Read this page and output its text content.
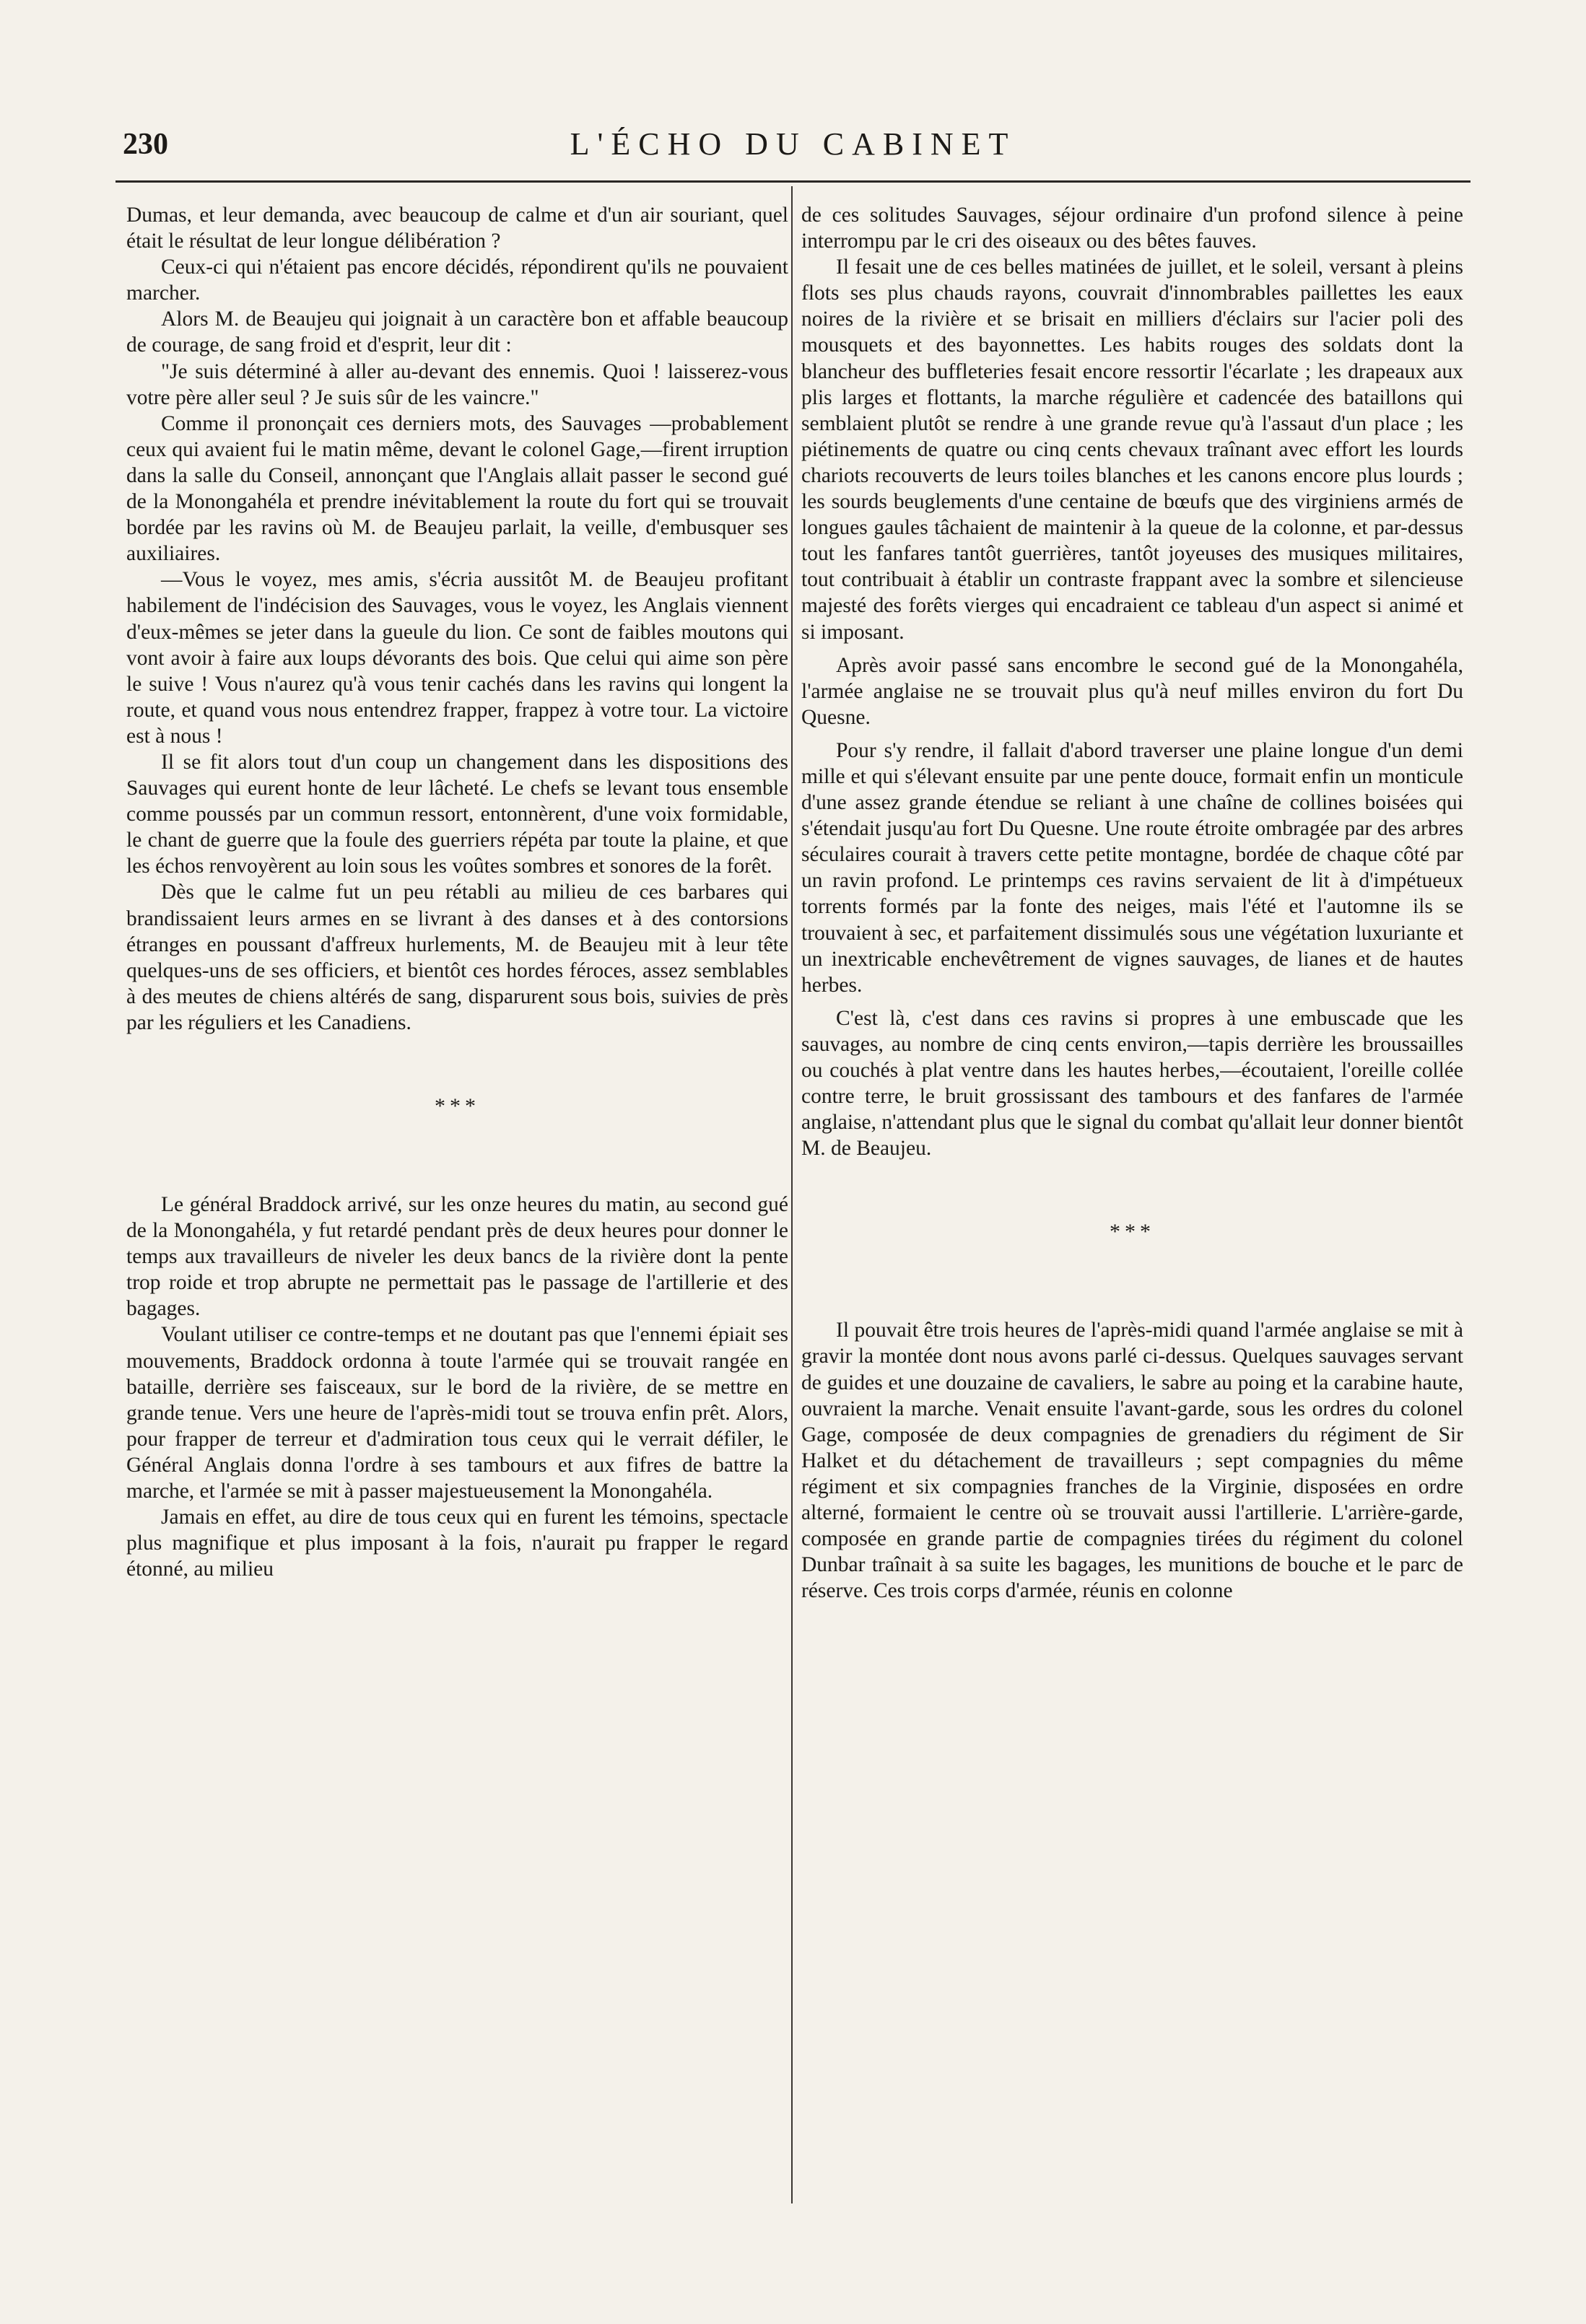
230	L'ÉCHO DU CABINET

Dumas, et leur demanda, avec beaucoup de calme et d'un air souriant, quel était le résultat de leur longue délibération ?

Ceux-ci qui n'étaient pas encore décidés, répondirent qu'ils ne pouvaient marcher.

Alors M. de Beaujeu qui joignait à un caractère bon et affable beaucoup de courage, de sang froid et d'esprit, leur dit :

"Je suis déterminé à aller au-devant des ennemis. Quoi ! laisserez-vous votre père aller seul ? Je suis sûr de les vaincre."

Comme il prononçait ces derniers mots, des Sauvages —probablement ceux qui avaient fui le matin même, devant le colonel Gage,—firent irruption dans la salle du Conseil, annonçant que l'Anglais allait passer le second gué de la Monongahéla et prendre inévitablement la route du fort qui se trouvait bordée par les ravins où M. de Beaujeu parlait, la veille, d'embusquer ses auxiliaires.

—Vous le voyez, mes amis, s'écria aussitôt M. de Beaujeu profitant habilement de l'indécision des Sauvages, vous le voyez, les Anglais viennent d'eux-mêmes se jeter dans la gueule du lion. Ce sont de faibles moutons qui vont avoir à faire aux loups dévorants des bois. Que celui qui aime son père le suive ! Vous n'aurez qu'à vous tenir cachés dans les ravins qui longent la route, et quand vous nous entendrez frapper, frappez à votre tour. La victoire est à nous !

Il se fit alors tout d'un coup un changement dans les dispositions des Sauvages qui eurent honte de leur lâcheté. Le chefs se levant tous ensemble comme poussés par un commun ressort, entonnèrent, d'une voix formidable, le chant de guerre que la foule des guerriers répéta par toute la plaine, et que les échos renvoyèrent au loin sous les voûtes sombres et sonores de la forêt.

Dès que le calme fut un peu rétabli au milieu de ces barbares qui brandissaient leurs armes en se livrant à des danses et à des contorsions étranges en poussant d'affreux hurlements, M. de Beaujeu mit à leur tête quelques-uns de ses officiers, et bientôt ces hordes féroces, assez semblables à des meutes de chiens altérés de sang, disparurent sous bois, suivies de près par les réguliers et les Canadiens.

***

Le général Braddock arrivé, sur les onze heures du matin, au second gué de la Monongahéla, y fut retardé pendant près de deux heures pour donner le temps aux travailleurs de niveler les deux bancs de la rivière dont la pente trop roide et trop abrupte ne permettait pas le passage de l'artillerie et des bagages.

Voulant utiliser ce contre-temps et ne doutant pas que l'ennemi épiait ses mouvements, Braddock ordonna à toute l'armée qui se trouvait rangée en bataille, derrière ses faisceaux, sur le bord de la rivière, de se mettre en grande tenue. Vers une heure de l'après-midi tout se trouva enfin prêt. Alors, pour frapper de terreur et d'admiration tous ceux qui le verrait défiler, le Général Anglais donna l'ordre à ses tambours et aux fifres de battre la marche, et l'armée se mit à passer majestueusement la Monongahéla.

Jamais en effet, au dire de tous ceux qui en furent les témoins, spectacle plus magnifique et plus imposant à la fois, n'aurait pu frapper le regard étonné, au milieu

de ces solitudes Sauvages, séjour ordinaire d'un profond silence à peine interrompu par le cri des oiseaux ou des bêtes fauves.

Il fesait une de ces belles matinées de juillet, et le soleil, versant à pleins flots ses plus chauds rayons, couvrait d'innombrables paillettes les eaux noires de la rivière et se brisait en milliers d'éclairs sur l'acier poli des mousquets et des bayonnettes. Les habits rouges des soldats dont la blancheur des buffleteries fesait encore ressortir l'écarlate ; les drapeaux aux plis larges et flottants, la marche régulière et cadencée des bataillons qui semblaient plutôt se rendre à une grande revue qu'à l'assaut d'un place ; les piétinements de quatre ou cinq cents chevaux traînant avec effort les lourds chariots recouverts de leurs toiles blanches et les canons encore plus lourds ; les sourds beuglements d'une centaine de bœufs que des virginiens armés de longues gaules tâchaient de maintenir à la queue de la colonne, et par-dessus tout les fanfares tantôt guerrières, tantôt joyeuses des musiques militaires, tout contribuait à établir un contraste frappant avec la sombre et silencieuse majesté des forêts vierges qui encadraient ce tableau d'un aspect si animé et si imposant.

Après avoir passé sans encombre le second gué de la Monongahéla, l'armée anglaise ne se trouvait plus qu'à neuf milles environ du fort Du Quesne.

Pour s'y rendre, il fallait d'abord traverser une plaine longue d'un demi mille et qui s'élevant ensuite par une pente douce, formait enfin un monticule d'une assez grande étendue se reliant à une chaîne de collines boisées qui s'étendait jusqu'au fort Du Quesne. Une route étroite ombragée par des arbres séculaires courait à travers cette petite montagne, bordée de chaque côté par un ravin profond. Le printemps ces ravins servaient de lit à d'impétueux torrents formés par la fonte des neiges, mais l'été et l'automne ils se trouvaient à sec, et parfaitement dissimulés sous une végétation luxuriante et un inextricable enchevêtrement de vignes sauvages, de lianes et de hautes herbes.

C'est là, c'est dans ces ravins si propres à une embuscade que les sauvages, au nombre de cinq cents environ,—tapis derrière les broussailles ou couchés à plat ventre dans les hautes herbes,—écoutaient, l'oreille collée contre terre, le bruit grossissant des tambours et des fanfares de l'armée anglaise, n'attendant plus que le signal du combat qu'allait leur donner bientôt M. de Beaujeu.

***

Il pouvait être trois heures de l'après-midi quand l'armée anglaise se mit à gravir la montée dont nous avons parlé ci-dessus. Quelques sauvages servant de guides et une douzaine de cavaliers, le sabre au poing et la carabine haute, ouvraient la marche. Venait ensuite l'avant-garde, sous les ordres du colonel Gage, composée de deux compagnies de grenadiers du régiment de Sir Halket et du détachement de travailleurs ; sept compagnies du même régiment et six compagnies franches de la Virginie, disposées en ordre alterné, formaient le centre où se trouvait aussi l'artillerie. L'arrière-garde, composée en grande partie de compagnies tirées du régiment du colonel Dunbar traînait à sa suite les bagages, les munitions de bouche et le parc de réserve. Ces trois corps d'armée, réunis en colonne
